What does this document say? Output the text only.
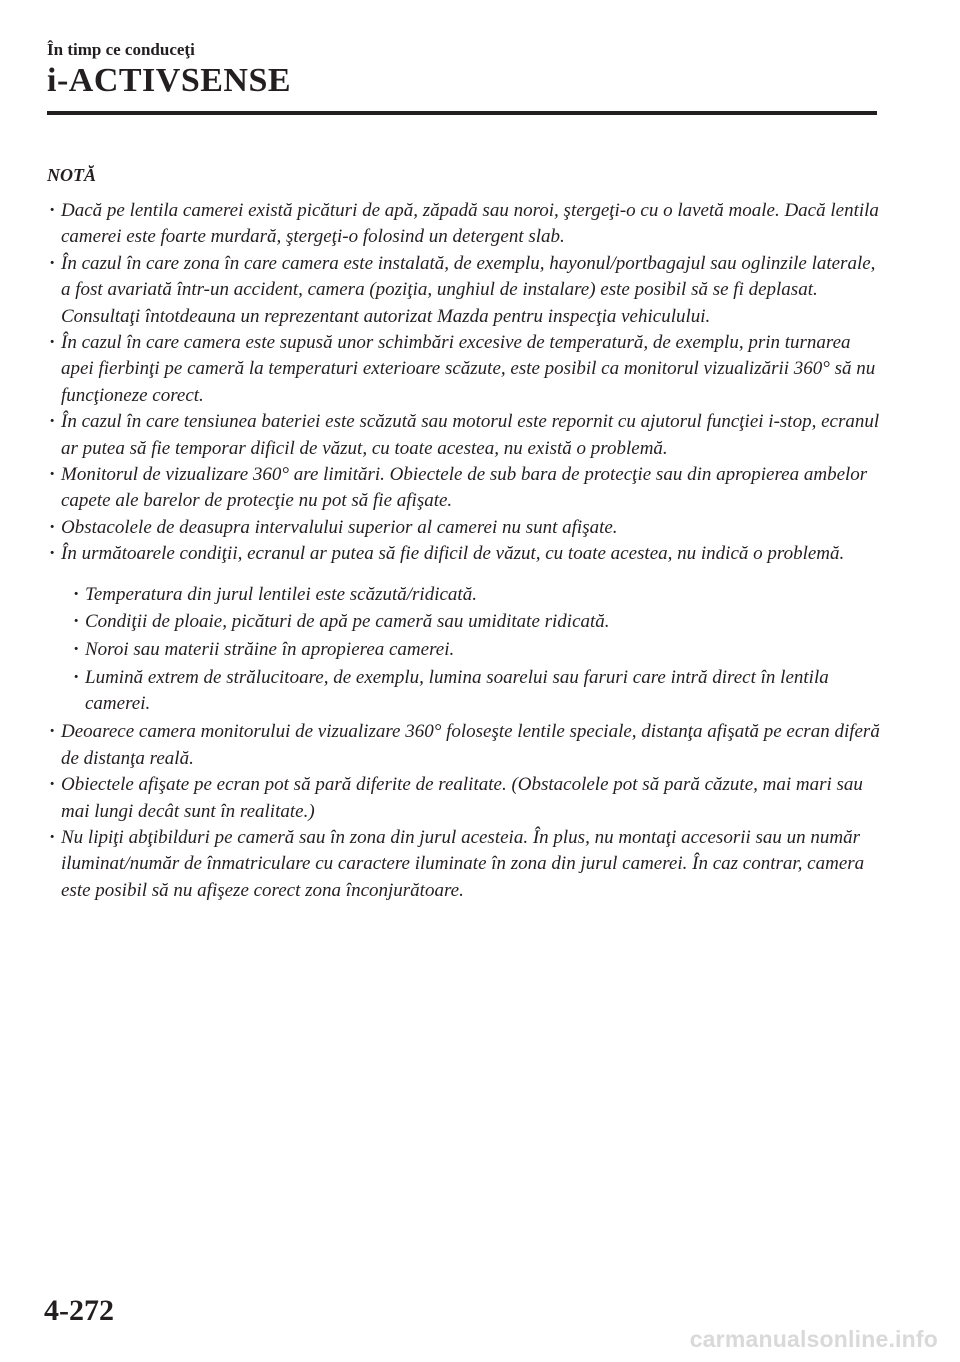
În timp ce conduceţi
i-ACTIVSENSE
NOTĂ
· Dacă pe lentila camerei există picături de apă, zăpadă sau noroi, ştergeţi-o cu o lavetă moale. Dacă lentila camerei este foarte murdară, ştergeţi-o folosind un detergent slab.
· În cazul în care zona în care camera este instalată, de exemplu, hayonul/portbagajul sau oglinzile laterale, a fost avariată într-un accident, camera (poziţia, unghiul de instalare) este posibil să se fi deplasat. Consultaţi întotdeauna un reprezentant autorizat Mazda pentru inspecţia vehiculului.
· În cazul în care camera este supusă unor schimbări excesive de temperatură, de exemplu, prin turnarea apei fierbinţi pe cameră la temperaturi exterioare scăzute, este posibil ca monitorul vizualizării 360° să nu funcţioneze corect.
· În cazul în care tensiunea bateriei este scăzută sau motorul este repornit cu ajutorul funcţiei i-stop, ecranul ar putea să fie temporar dificil de văzut, cu toate acestea, nu există o problemă.
· Monitorul de vizualizare 360° are limitări. Obiectele de sub bara de protecţie sau din apropierea ambelor capete ale barelor de protecţie nu pot să fie afişate.
· Obstacolele de deasupra intervalului superior al camerei nu sunt afişate.
· În următoarele condiţii, ecranul ar putea să fie dificil de văzut, cu toate acestea, nu indică o problemă.
· Temperatura din jurul lentilei este scăzută/ridicată.
· Condiţii de ploaie, picături de apă pe cameră sau umiditate ridicată.
· Noroi sau materii străine în apropierea camerei.
· Lumină extrem de strălucitoare, de exemplu, lumina soarelui sau faruri care intră direct în lentila camerei.
· Deoarece camera monitorului de vizualizare 360° foloseşte lentile speciale, distanţa afişată pe ecran diferă de distanţa reală.
· Obiectele afişate pe ecran pot să pară diferite de realitate. (Obstacolele pot să pară căzute, mai mari sau mai lungi decât sunt în realitate.)
· Nu lipiţi abţibilduri pe cameră sau în zona din jurul acesteia. În plus, nu montaţi accesorii sau un număr iluminat/număr de înmatriculare cu caractere iluminate în zona din jurul camerei. În caz contrar, camera este posibil să nu afişeze corect zona înconjurătoare.
4-272
carmanualsonline.info
